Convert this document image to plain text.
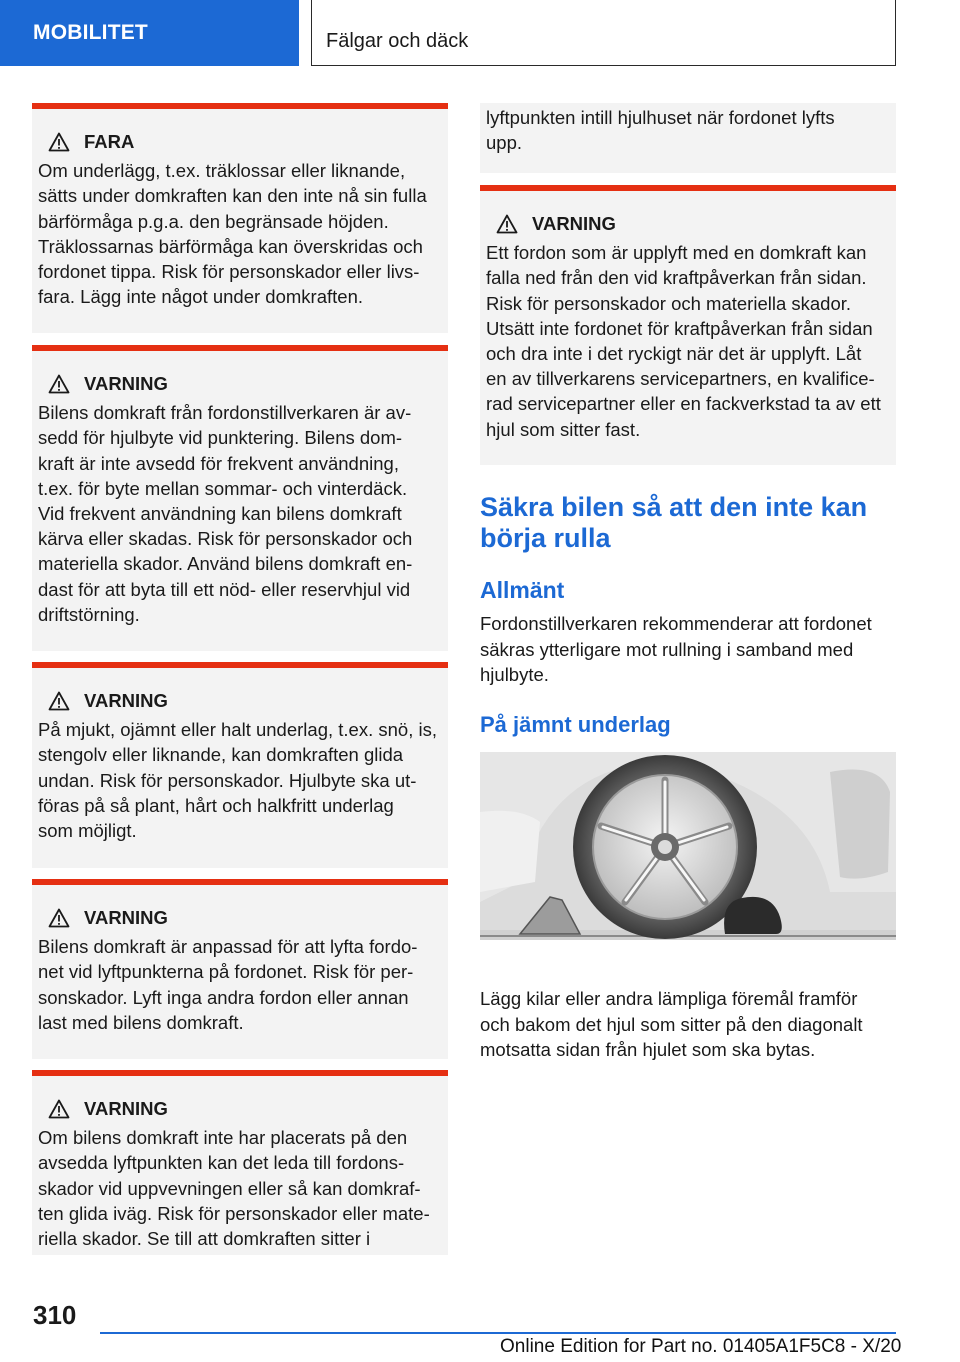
MOBILITET	Fälgar och däck
FARA
Om underlägg, t.ex. träklossar eller liknande,
sätts under domkraften kan den inte nå sin fulla
bärförmåga p.g.a. den begränsade höjden.
Träklossarnas bärförmåga kan överskridas och
fordonet tippa. Risk för personskador eller livs-
fara. Lägg inte något under domkraften.
VARNING
Bilens domkraft från fordonstillverkaren är av-
sedd för hjulbyte vid punktering. Bilens dom-
kraft är inte avsedd för frekvent användning,
t.ex. för byte mellan sommar- och vinterdäck.
Vid frekvent användning kan bilens domkraft
kärva eller skadas. Risk för personskador och
materiella skador. Använd bilens domkraft en-
dast för att byta till ett nöd- eller reservhjul vid
driftstörning.
VARNING
På mjukt, ojämnt eller halt underlag, t.ex. snö, is,
stengolv eller liknande, kan domkraften glida
undan. Risk för personskador. Hjulbyte ska ut-
föras på så plant, hårt och halkfritt underlag
som möjligt.
VARNING
Bilens domkraft är anpassad för att lyfta fordo-
net vid lyftpunkterna på fordonet. Risk för per-
sonskador. Lyft inga andra fordon eller annan
last med bilens domkraft.
VARNING
Om bilens domkraft inte har placerats på den
avsedda lyftpunkten kan det leda till fordons-
skador vid uppvevningen eller så kan domkraf-
ten glida iväg. Risk för personskador eller mate-
riella skador. Se till att domkraften sitter i
lyftpunkten intill hjulhuset när fordonet lyfts
upp.
VARNING
Ett fordon som är upplyft med en domkraft kan
falla ned från den vid kraftpåverkan från sidan.
Risk för personskador och materiella skador.
Utsätt inte fordonet för kraftpåverkan från sidan
och dra inte i det ryckigt när det är upplyft. Låt
en av tillverkarens servicepartners, en kvalifice-
rad servicepartner eller en fackverkstad ta av ett
hjul som sitter fast.
Säkra bilen så att den inte kan
börja rulla
Allmänt
Fordonstillverkaren rekommenderar att fordonet
säkras ytterligare mot rullning i samband med
hjulbyte.
På jämnt underlag
Lägg kilar eller andra lämpliga föremål framför
och bakom det hjul som sitter på den diagonalt
motsatta sidan från hjulet som ska bytas.
310
Online Edition for Part no. 01405A1F5C8 - X/20
